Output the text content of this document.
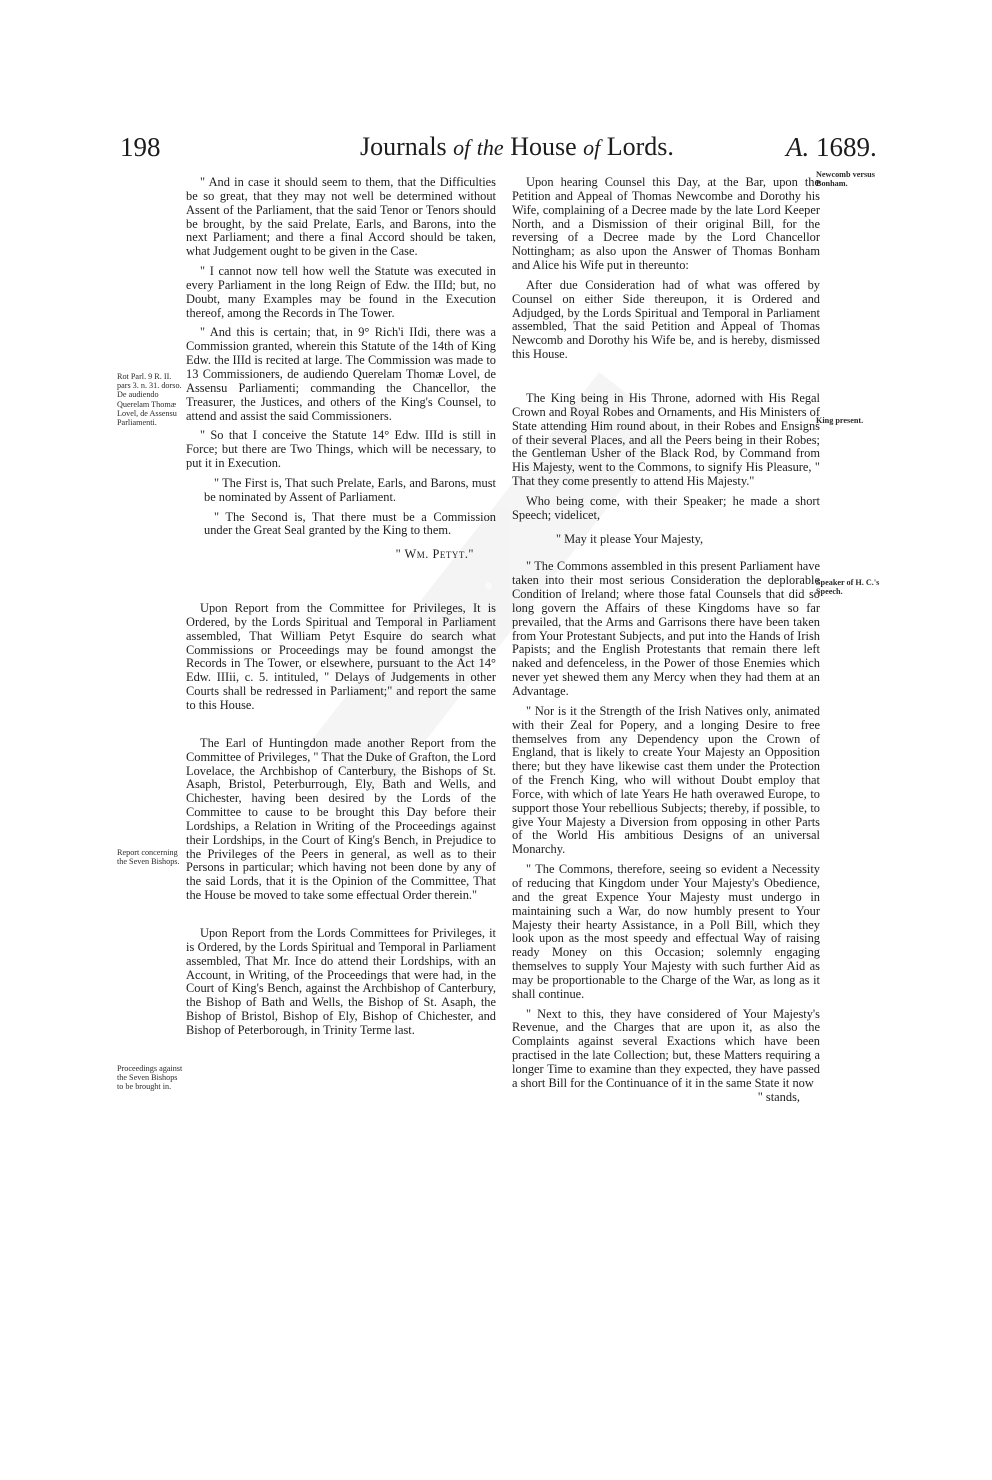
●
198	Journals of the House of Lords.	A. 1689.
Rot Parl. 9 R. II. pars 3. n. 31. dorso. De audiendo Querelam Thomæ Lovel, de Assensu Parliamenti.
Report concerning the Seven Bishops.
Proceedings against the Seven Bishops to be brought in.
Newcomb versus Bonham.
King present.
Speaker of H. C.'s Speech.

" And in case it should seem to them, that the Difficulties be so great, that they may not well be determined without Assent of the Parliament, that the said Tenor or Tenors should be brought, by the said Prelate, Earls, and Barons, into the next Parliament; and there a final Accord should be taken, what Judgement ought to be given in the Case.

" I cannot now tell how well the Statute was executed in every Parliament in the long Reign of Edw. the IIId; but, no Doubt, many Examples may be found in the Execution thereof, among the Records in The Tower.

" And this is certain; that, in 9° Rich'i IIdi, there was a Commission granted, wherein this Statute of the 14th of King Edw. the IIId is recited at large. The Commission was made to 13 Commissioners, de audiendo Querelam Thomæ Lovel, de Assensu Parliamenti; commanding the Chancellor, the Treasurer, the Justices, and others of the King's Counsel, to attend and assist the said Commissioners.

" So that I conceive the Statute 14° Edw. IIId is still in Force; but there are Two Things, which will be necessary, to put it in Execution.

" The First is, That such Prelate, Earls, and Barons, must be nominated by Assent of Parliament.

" The Second is, That there must be a Commission under the Great Seal granted by the King to them.

" Wm. Petyt."

Upon Report from the Committee for Privileges, It is Ordered, by the Lords Spiritual and Temporal in Parliament assembled, That William Petyt Esquire do search what Commissions or Proceedings may be found amongst the Records in The Tower, or elsewhere, pursuant to the Act 14° Edw. IIIii, c. 5. intituled, " Delays of Judgements in other Courts shall be redressed in Parliament;" and report the same to this House.

The Earl of Huntingdon made another Report from the Committee of Privileges, " That the Duke of Grafton, the Lord Lovelace, the Archbishop of Canterbury, the Bishops of St. Asaph, Bristol, Peterburrough, Ely, Bath and Wells, and Chichester, having been desired by the Lords of the Committee to cause to be brought this Day before their Lordships, a Relation in Writing of the Proceedings against their Lordships, in the Court of King's Bench, in Prejudice to the Privileges of the Peers in general, as well as to their Persons in particular; which having not been done by any of the said Lords, that it is the Opinion of the Committee, That the House be moved to take some effectual Order therein."

Upon Report from the Lords Committees for Privileges, it is Ordered, by the Lords Spiritual and Temporal in Parliament assembled, That Mr. Ince do attend their Lordships, with an Account, in Writing, of the Proceedings that were had, in the Court of King's Bench, against the Archbishop of Canterbury, the Bishop of Bath and Wells, the Bishop of St. Asaph, the Bishop of Bristol, Bishop of Ely, Bishop of Chichester, and Bishop of Peterborough, in Trinity Terme last.

Upon hearing Counsel this Day, at the Bar, upon the Petition and Appeal of Thomas Newcombe and Dorothy his Wife, complaining of a Decree made by the late Lord Keeper North, and a Dismission of their original Bill, for the reversing of a Decree made by the Lord Chancellor Nottingham; as also upon the Answer of Thomas Bonham and Alice his Wife put in thereunto:

After due Consideration had of what was offered by Counsel on either Side thereupon, it is Ordered and Adjudged, by the Lords Spiritual and Temporal in Parliament assembled, That the said Petition and Appeal of Thomas Newcomb and Dorothy his Wife be, and is hereby, dismissed this House.

The King being in His Throne, adorned with His Regal Crown and Royal Robes and Ornaments, and His Ministers of State attending Him round about, in their Robes and Ensigns of their several Places, and all the Peers being in their Robes; the Gentleman Usher of the Black Rod, by Command from His Majesty, went to the Commons, to signify His Pleasure, " That they come presently to attend His Majesty."

Who being come, with their Speaker; he made a short Speech; videlicet,

" May it please Your Majesty,

" The Commons assembled in this present Parliament have taken into their most serious Consideration the deplorable Condition of Ireland; where those fatal Counsels that did so long govern the Affairs of these Kingdoms have so far prevailed, that the Arms and Garrisons there have been taken from Your Protestant Subjects, and put into the Hands of Irish Papists; and the English Protestants that remain there left naked and defenceless, in the Power of those Enemies which never yet shewed them any Mercy when they had them at an Advantage.

" Nor is it the Strength of the Irish Natives only, animated with their Zeal for Popery, and a longing Desire to free themselves from any Dependency upon the Crown of England, that is likely to create Your Majesty an Opposition there; but they have likewise cast them under the Protection of the French King, who will without Doubt employ that Force, with which of late Years He hath overawed Europe, to support those Your rebellious Subjects; thereby, if possible, to give Your Majesty a Diversion from opposing in other Parts of the World His ambitious Designs of an universal Monarchy.

" The Commons, therefore, seeing so evident a Necessity of reducing that Kingdom under Your Majesty's Obedience, and the great Expence Your Majesty must undergo in maintaining such a War, do now humbly present to Your Majesty their hearty Assistance, in a Poll Bill, which they look upon as the most speedy and effectual Way of raising ready Money on this Occasion; solemnly engaging themselves to supply Your Majesty with such further Aid as may be proportionable to the Charge of the War, as long as it shall continue.

" Next to this, they have considered of Your Majesty's Revenue, and the Charges that are upon it, as also the Complaints against several Exactions which have been practised in the late Collection; but, these Matters requiring a longer Time to examine than they expected, they have passed a short Bill for the Continuance of it in the same State it now

" stands,
